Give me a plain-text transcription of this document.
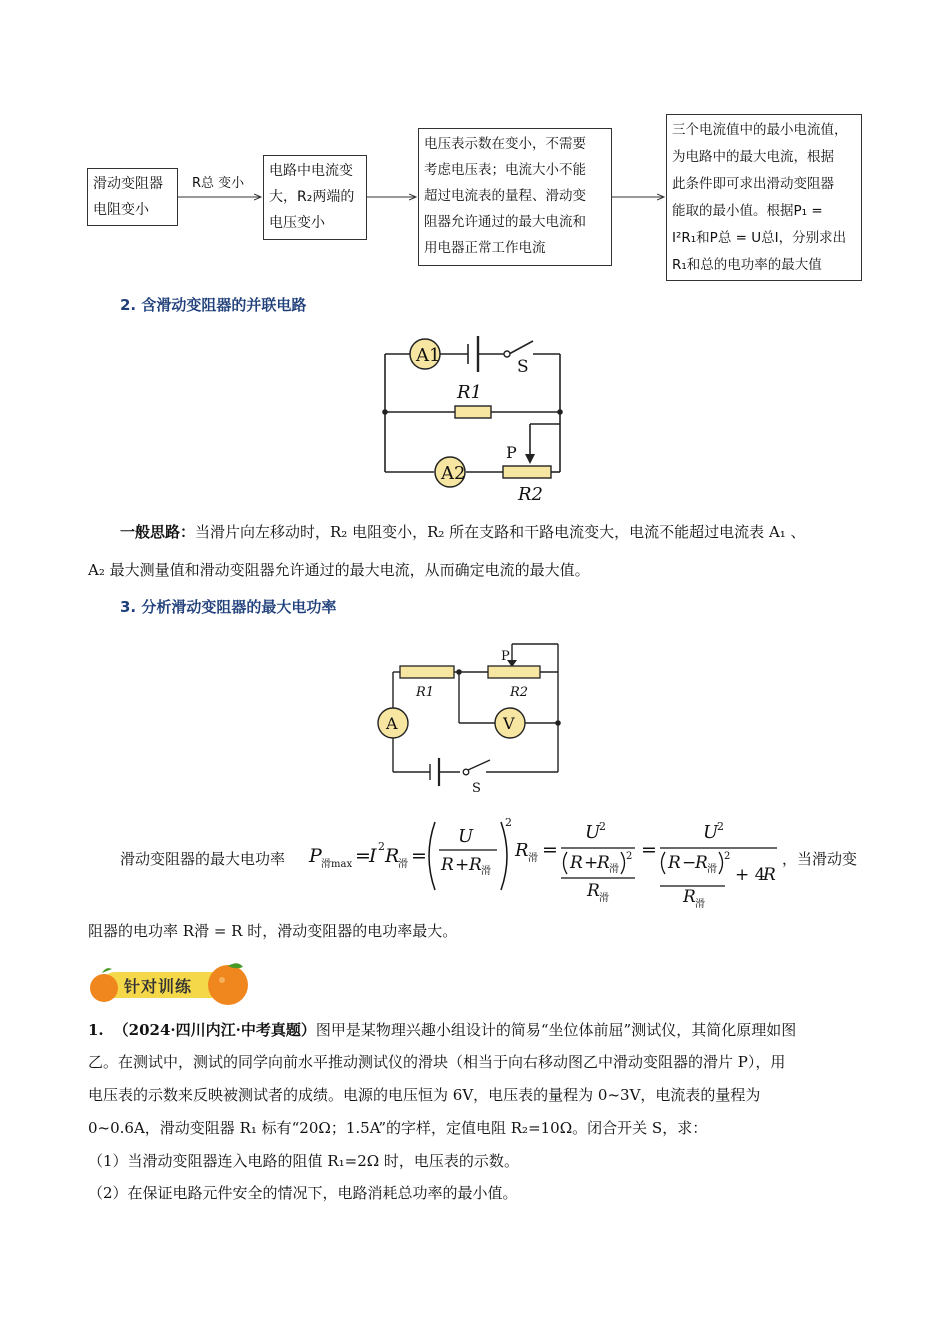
滑动变阻器
电阻变小
R总 变小
电路中电流变
大，R₂两端的
电压变小
电压表示数在变小，不需要
考虑电压表；电流大小不能
超过电流表的量程、滑动变
阻器允许通过的最大电流和
用电器正常工作电流
三个电流值中的最小电流值，
为电路中的最大电流，根据
此条件即可求出滑动变阻器
能取的最小值。根据P₁ =
I²R₁和P总 = U总I，分别求出
R₁和总的电功率的最大值
2. 含滑动变阻器的并联电路
A1
A2
S
R1
P
R2
一般思路：当滑片向左移动时，R₂ 电阻变小，R₂ 所在支路和干路电流变大，电流不能超过电流表 A₁ 、
A₂ 最大测量值和滑动变阻器允许通过的最大电流，从而确定电流的最大值。
3. 分析滑动变阻器的最大电功率
A	V
P
R1	R2
S
滑动变阻器的最大电功率 P 滑max =
I 2 R
滑 =
2
U
R + R 滑
R 滑 =
U
2
R +
R 滑
2
R 滑
=
U
2
R −
R 滑
2
+ 4
R
R 滑
，当滑动变
阻器的电功率 R滑 = R 时，滑动变阻器的电功率最大。
针对训练
1. （2024·四川内江·中考真题）图甲是某物理兴趣小组设计的简易“坐位体前屈”测试仪，其简化原理如图
乙。在测试中，测试的同学向前水平推动测试仪的滑块（相当于向右移动图乙中滑动变阻器的滑片 P），用
电压表的示数来反映被测试者的成绩。电源的电压恒为 6V，电压表的量程为 0~3V，电流表的量程为
0~0.6A，滑动变阻器 R₁ 标有“20Ω；1.5A”的字样，定值电阻 R₂=10Ω。闭合开关 S，求：
（1）当滑动变阻器连入电路的阻值 R₁=2Ω 时，电压表的示数。
（2）在保证电路元件安全的情况下，电路消耗总功率的最小值。
